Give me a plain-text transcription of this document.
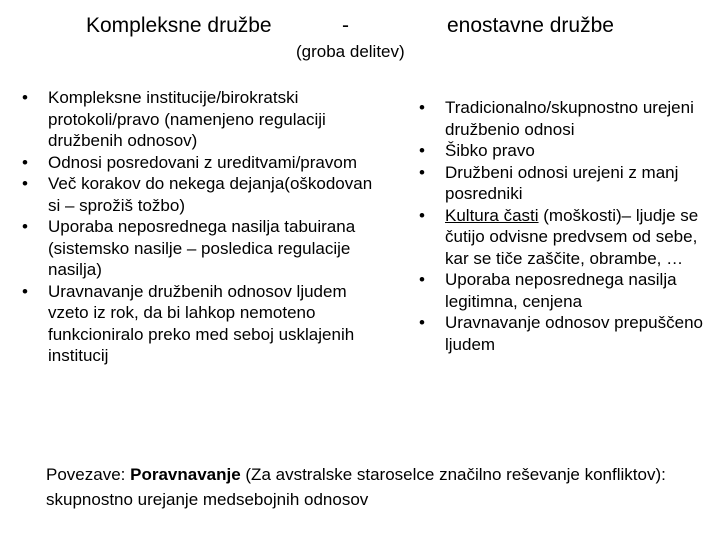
Kompleksne družbe	-	enostavne družbe
(groba delitev)
• Kompleksne institucije/birokratski protokoli/pravo (namenjeno regulaciji družbenih odnosov)
• Odnosi posredovani z ureditvami/pravom
• Več korakov do nekega dejanja(oškodovan si – sprožiš tožbo)
• Uporaba neposrednega nasilja tabuirana (sistemsko nasilje – posledica regulacije nasilja)
• Uravnavanje družbenih odnosov ljudem vzeto iz rok, da bi lahkop nemoteno funkcioniralo preko med seboj usklajenih institucij
• Tradicionalno/skupnostno urejeni družbenio odnosi
• Šibko pravo
• Družbeni odnosi urejeni z manj posredniki
• Kultura časti (moškosti)– ljudje se čutijo odvisne predvsem od sebe, kar se tiče zaščite, obrambe, …
• Uporaba neposrednega nasilja legitimna, cenjena
• Uravnavanje odnosov prepuščeno ljudem
Povezave: Poravnavanje (Za avstralske staroselce značilno reševanje konfliktov): skupnostno urejanje medsebojnih odnosov
